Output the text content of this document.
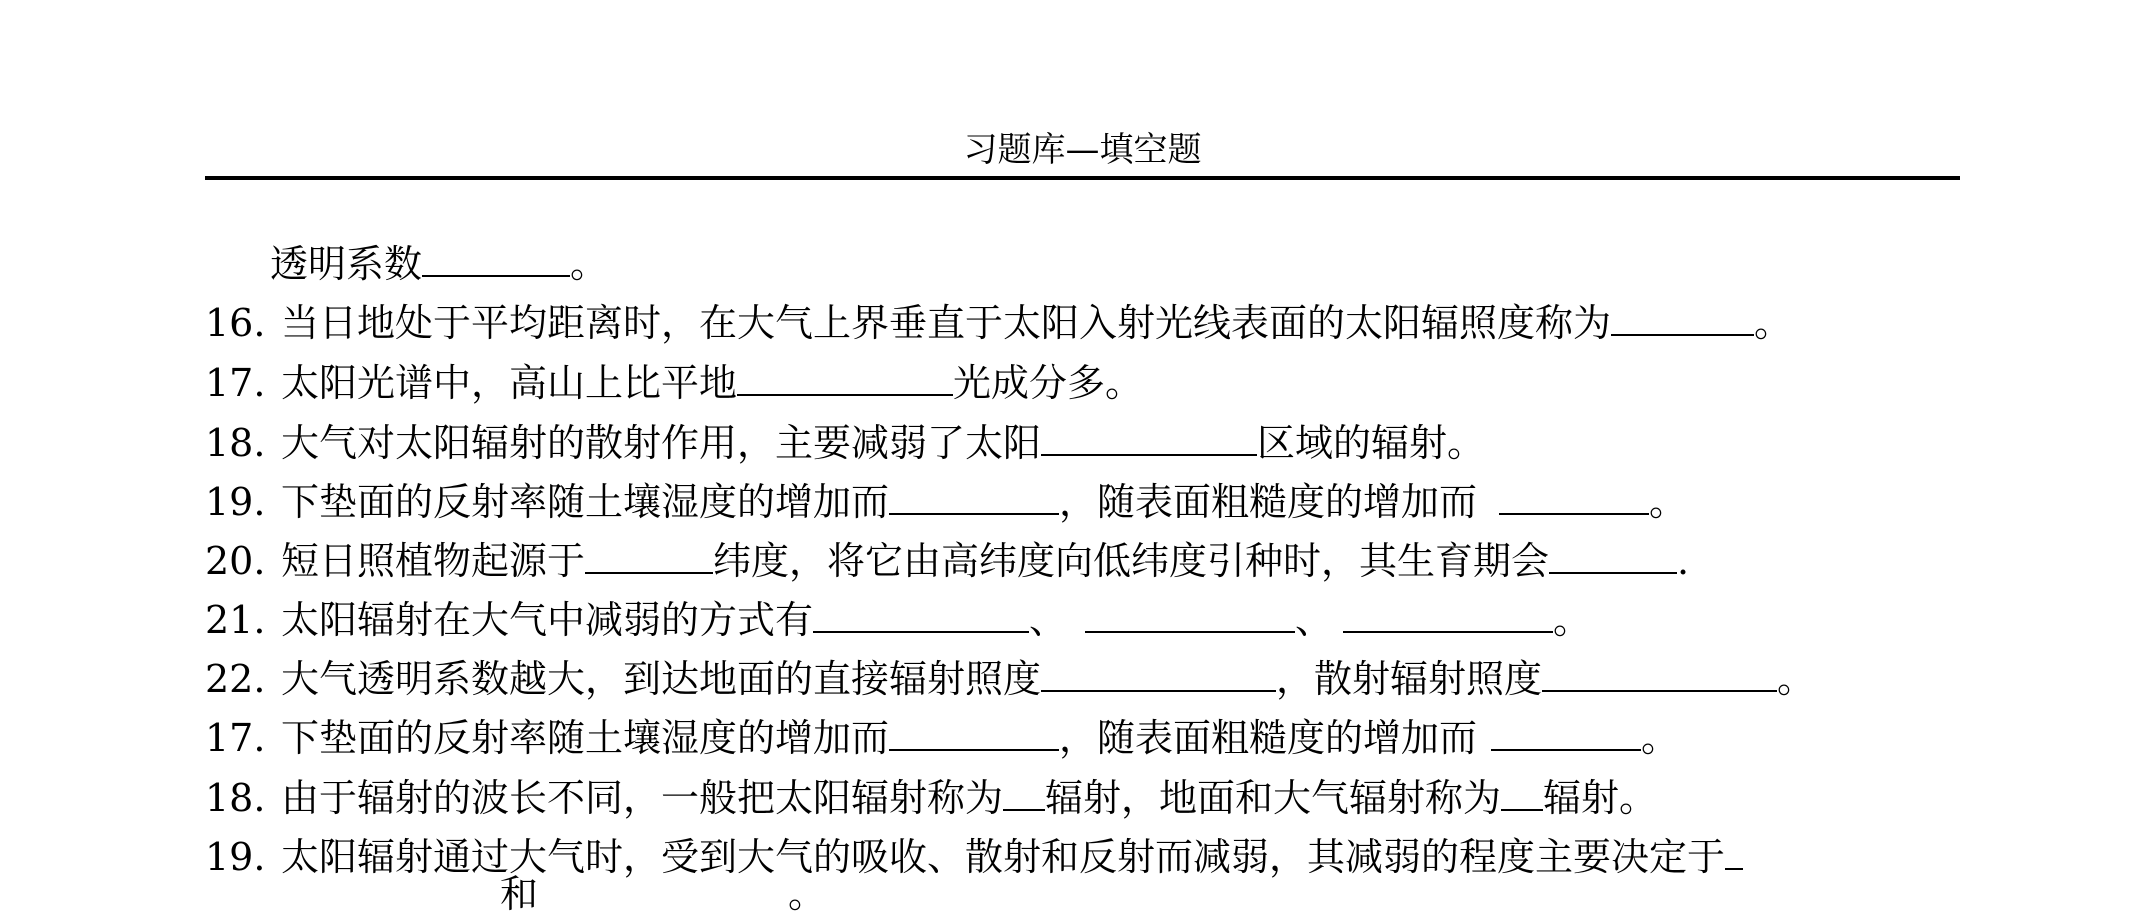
习题库—填空题
透明系数	。
16. 当日地处于平均距离时，在大气上界垂直于太阳入射光线表面的太阳辐照度称为	。
17. 太阳光谱中，高山上比平地	光成分多。
18. 大气对太阳辐射的散射作用，主要减弱了太阳	区域的辐射。
19. 下垫面的反射率随土壤湿度的增加而	，随表面粗糙度的增加而	。
20. 短日照植物起源于	纬度，将它由高纬度向低纬度引种时，其生育期会	.
21. 太阳辐射在大气中减弱的方式有	、	、	。
22. 大气透明系数越大，到达地面的直接辐射照度	，散射辐射照度	。
17. 下垫面的反射率随土壤湿度的增加而	，随表面粗糙度的增加而	。
18. 由于辐射的波长不同，一般把太阳辐射称为 辐射，地面和大气辐射称为 辐射。
19. 太阳辐射通过大气时，受到大气的吸收、散射和反射而减弱，其减弱的程度主要决定于
和	。
